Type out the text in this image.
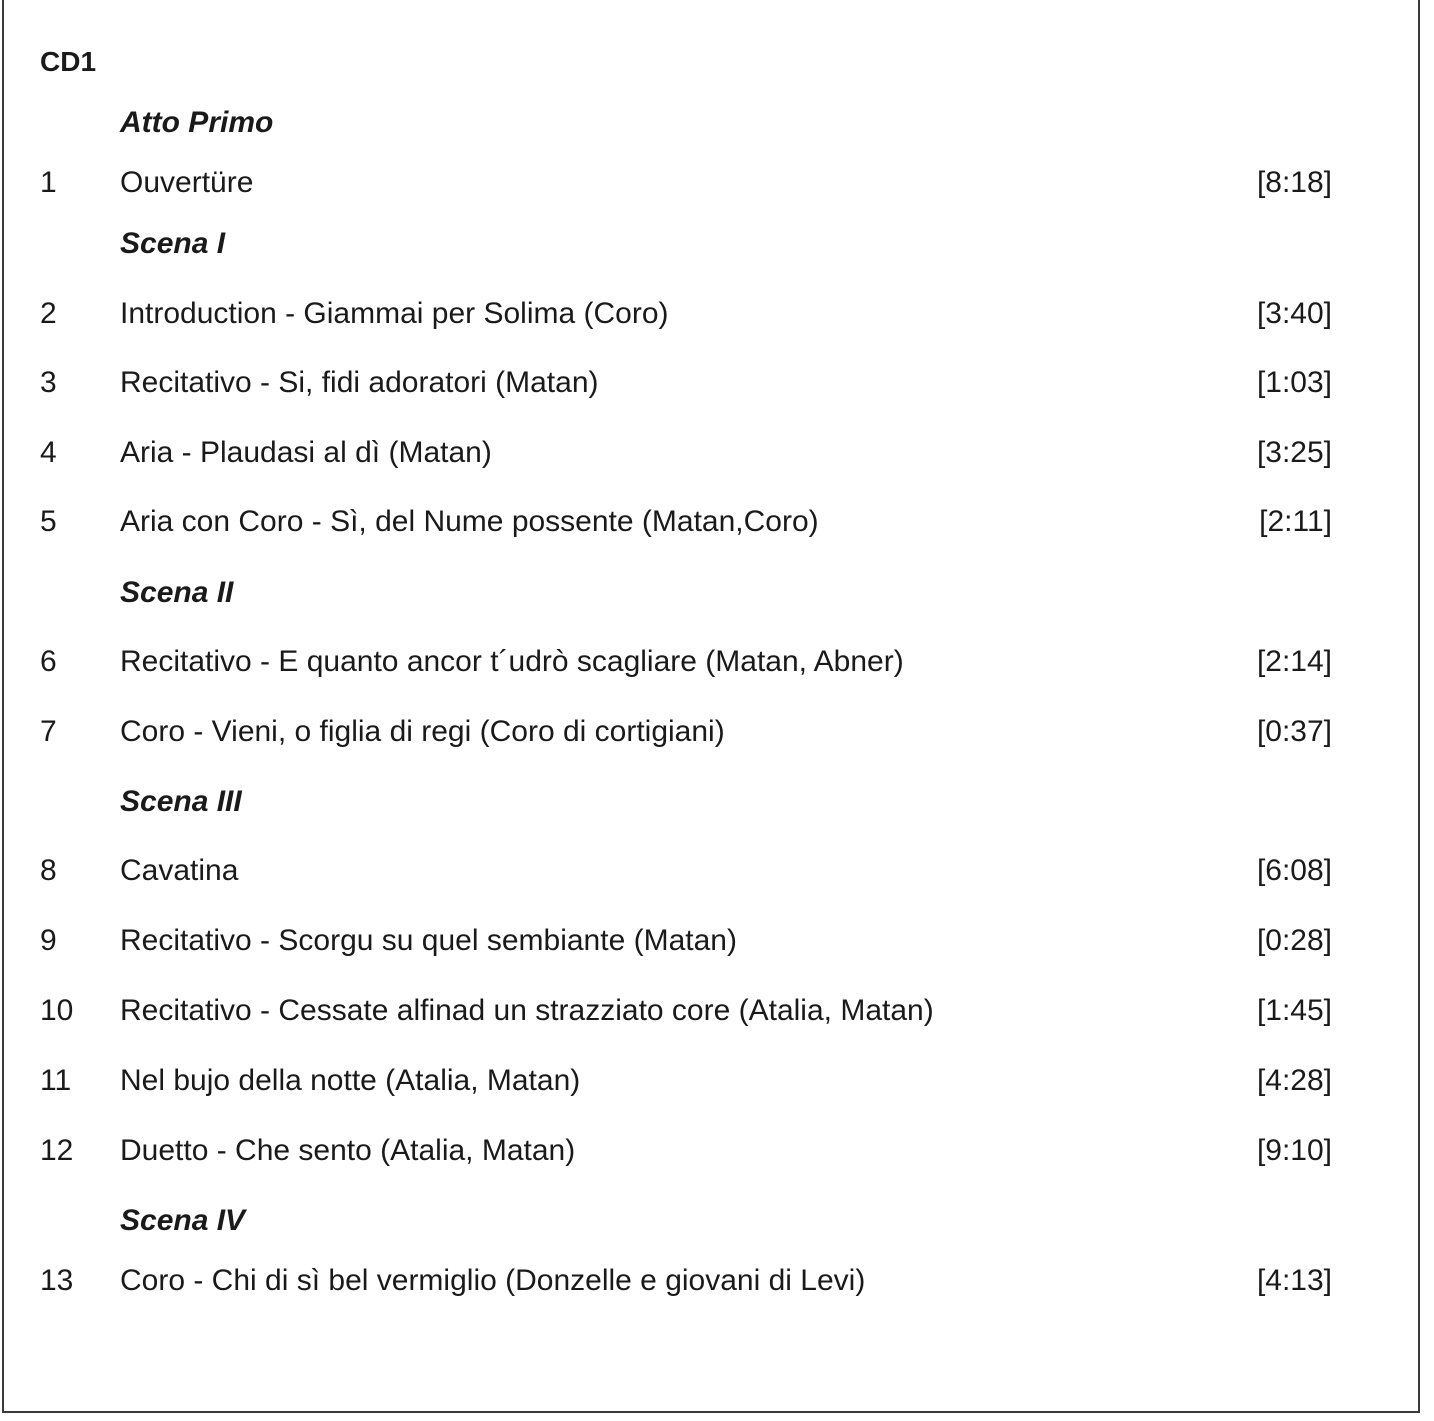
CD1
Atto Primo
1 Ouvertüre	[8:18]
Scena I
2 Introduction - Giammai per Solima (Coro)	[3:40]
3 Recitativo - Si, fidi adoratori (Matan)	[1:03]
4 Aria - Plaudasi al dì (Matan)	[3:25]
5 Aria con Coro - Sì, del Nume possente (Matan,Coro)	[2:11]
Scena II
6 Recitativo - E quanto ancor t´udrò scagliare (Matan, Abner)	[2:14]
7 Coro - Vieni, o figlia di regi (Coro di cortigiani)	[0:37]
Scena III
8 Cavatina	[6:08]
9 Recitativo - Scorgu su quel sembiante (Matan)	[0:28]
10 Recitativo - Cessate alfinad un strazziato core (Atalia, Matan)	[1:45]
11 Nel bujo della notte (Atalia, Matan)	[4:28]
12 Duetto - Che sento (Atalia, Matan)	[9:10]
Scena IV
13 Coro - Chi di sì bel vermiglio (Donzelle e giovani di Levi)	[4:13]
